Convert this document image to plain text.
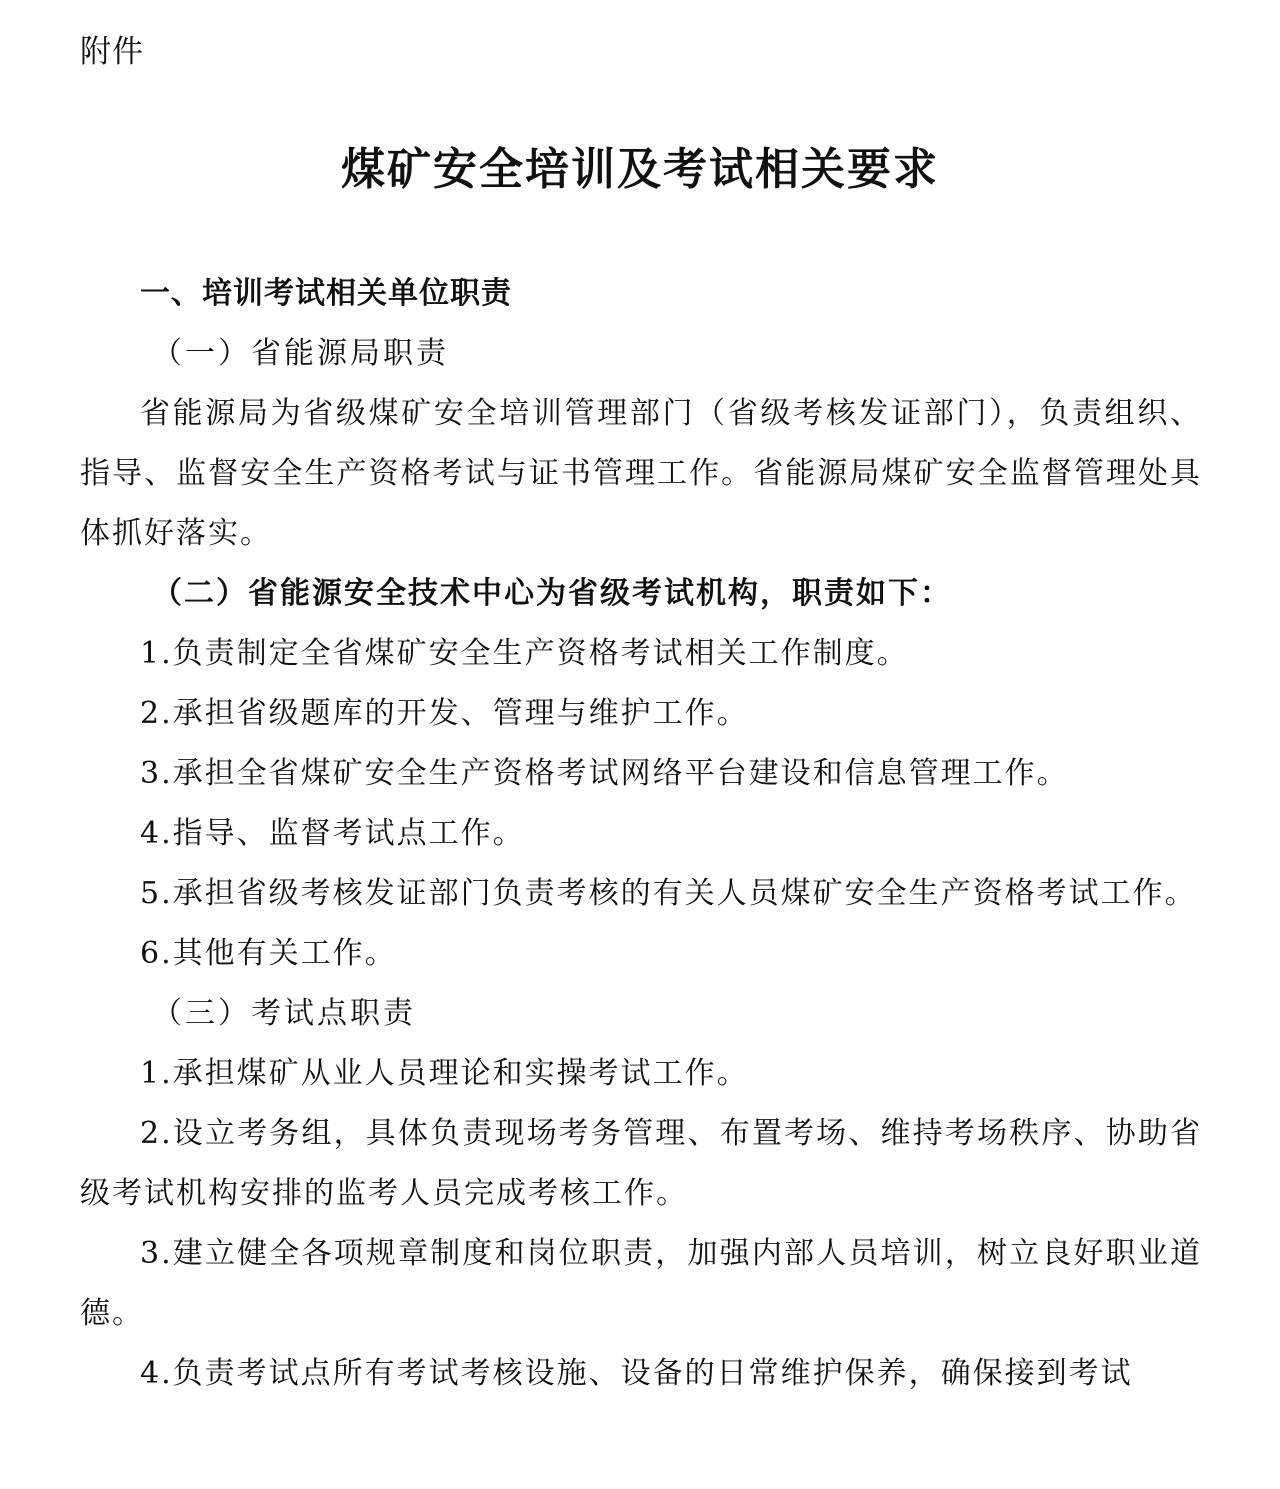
附件
煤矿安全培训及考试相关要求

一、培训考试相关单位职责

（一）省能源局职责

省能源局为省级煤矿安全培训管理部门（省级考核发证部门），负责组织、指导、监督安全生产资格考试与证书管理工作。省能源局煤矿安全监督管理处具体抓好落实。

（二）省能源安全技术中心为省级考试机构，职责如下：

1.负责制定全省煤矿安全生产资格考试相关工作制度。

2.承担省级题库的开发、管理与维护工作。

3.承担全省煤矿安全生产资格考试网络平台建设和信息管理工作。

4.指导、监督考试点工作。

5.承担省级考核发证部门负责考核的有关人员煤矿安全生产资格考试工作。

6.其他有关工作。

（三）考试点职责

1.承担煤矿从业人员理论和实操考试工作。

2.设立考务组，具体负责现场考务管理、布置考场、维持考场秩序、协助省级考试机构安排的监考人员完成考核工作。

3.建立健全各项规章制度和岗位职责，加强内部人员培训，树立良好职业道德。

4.负责考试点所有考试考核设施、设备的日常维护保养，确保接到考试
